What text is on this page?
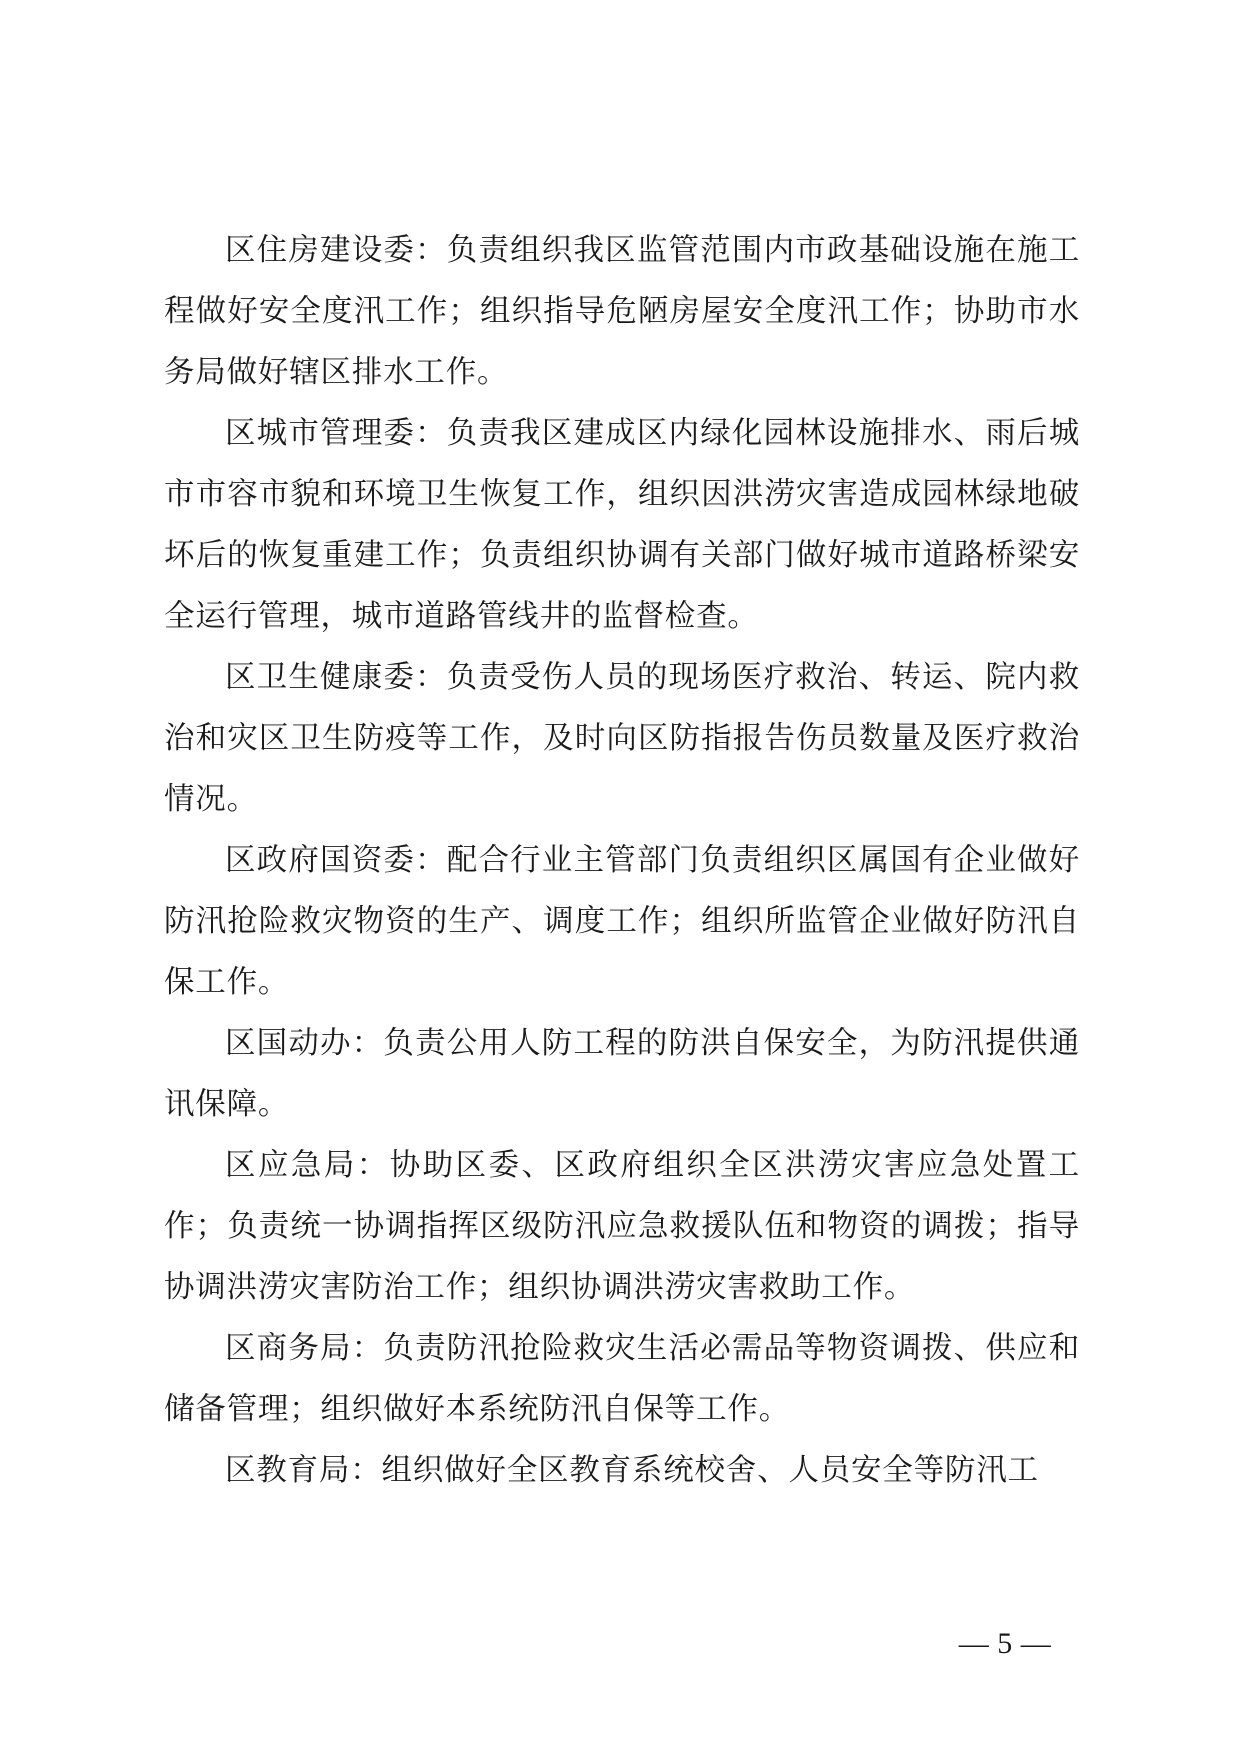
区住房建设委：负责组织我区监管范围内市政基础设施在施工程做好安全度汛工作；组织指导危陋房屋安全度汛工作；协助市水务局做好辖区排水工作。

区城市管理委：负责我区建成区内绿化园林设施排水、雨后城市市容市貌和环境卫生恢复工作，组织因洪涝灾害造成园林绿地破坏后的恢复重建工作；负责组织协调有关部门做好城市道路桥梁安全运行管理，城市道路管线井的监督检查。

区卫生健康委：负责受伤人员的现场医疗救治、转运、院内救治和灾区卫生防疫等工作，及时向区防指报告伤员数量及医疗救治情况。

区政府国资委：配合行业主管部门负责组织区属国有企业做好防汛抢险救灾物资的生产、调度工作；组织所监管企业做好防汛自保工作。

区国动办：负责公用人防工程的防洪自保安全，为防汛提供通讯保障。

区应急局：协助区委、区政府组织全区洪涝灾害应急处置工作；负责统一协调指挥区级防汛应急救援队伍和物资的调拨；指导协调洪涝灾害防治工作；组织协调洪涝灾害救助工作。

区商务局：负责防汛抢险救灾生活必需品等物资调拨、供应和储备管理；组织做好本系统防汛自保等工作。

区教育局：组织做好全区教育系统校舍、人员安全等防汛工

— 5 —
